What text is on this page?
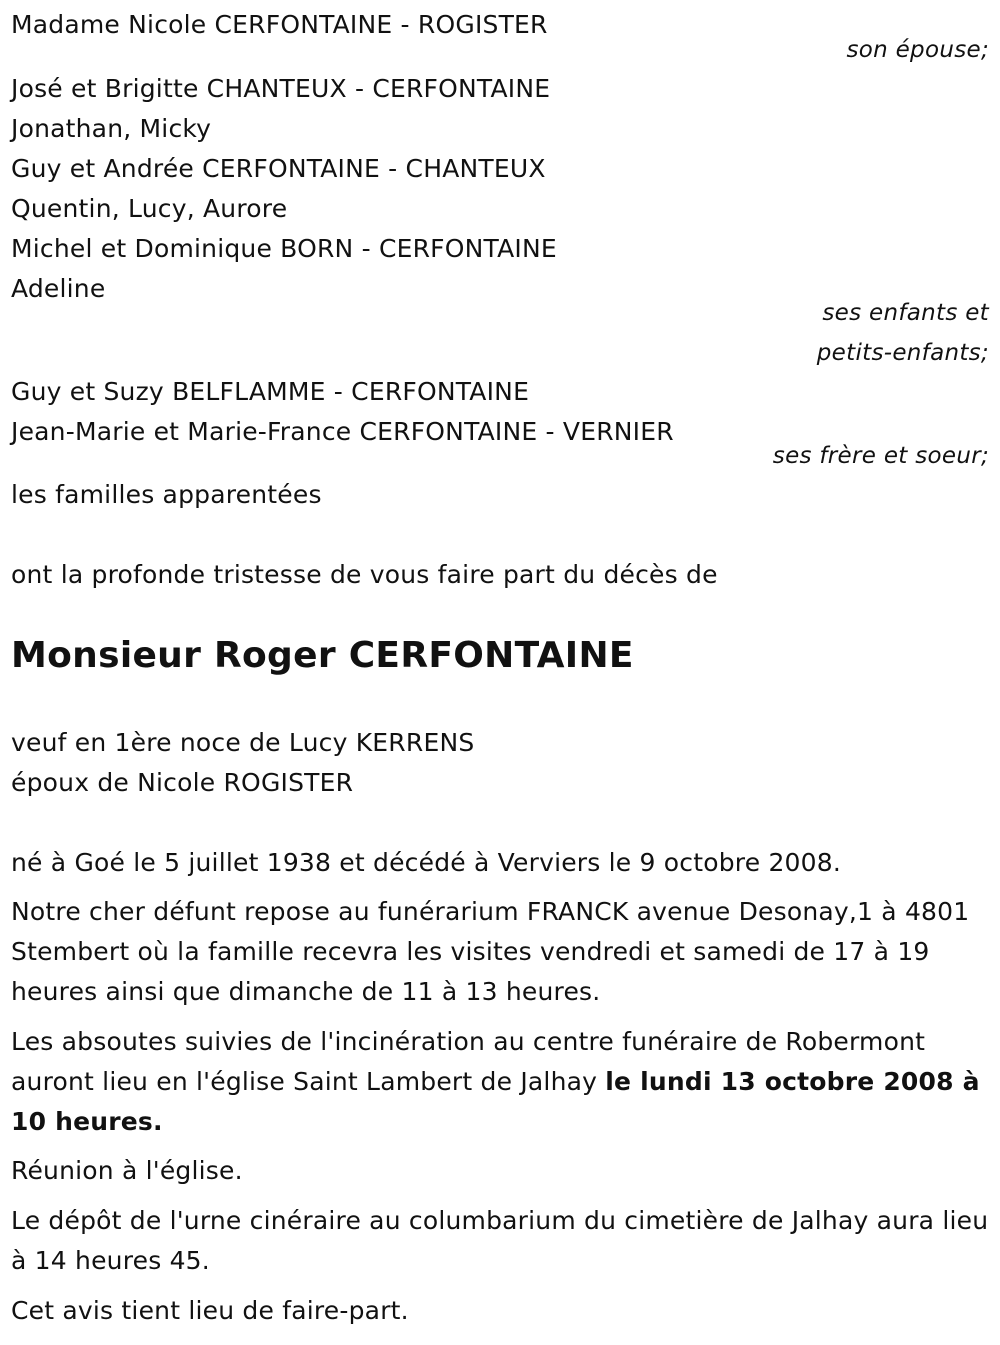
Madame Nicole CERFONTAINE - ROGISTER
son épouse;
José et Brigitte CHANTEUX - CERFONTAINE
Jonathan, Micky
Guy et Andrée CERFONTAINE - CHANTEUX
Quentin, Lucy, Aurore
Michel et Dominique BORN - CERFONTAINE
Adeline
ses enfants et
petits-enfants;
Guy et Suzy BELFLAMME - CERFONTAINE
Jean-Marie et Marie-France CERFONTAINE - VERNIER
ses frère et soeur;
les familles apparentées
ont la profonde tristesse de vous faire part du décès de
Monsieur Roger CERFONTAINE
veuf en 1ère noce de Lucy KERRENS
époux de Nicole ROGISTER
né à Goé le 5 juillet 1938 et décédé à Verviers le 9 octobre 2008.

Notre cher défunt repose au funérarium FRANCK avenue Desonay,1 à 4801 Stembert où la famille recevra les visites vendredi et samedi de 17 à 19 heures ainsi que dimanche de 11 à 13 heures.

Les absoutes suivies de l'incinération au centre funéraire de Robermont auront lieu en l'église Saint Lambert de Jalhay le lundi 13 octobre 2008 à 10 heures.

Réunion à l'église.

Le dépôt de l'urne cinéraire au columbarium du cimetière de Jalhay aura lieu à 14 heures 45.

Cet avis tient lieu de faire-part.
